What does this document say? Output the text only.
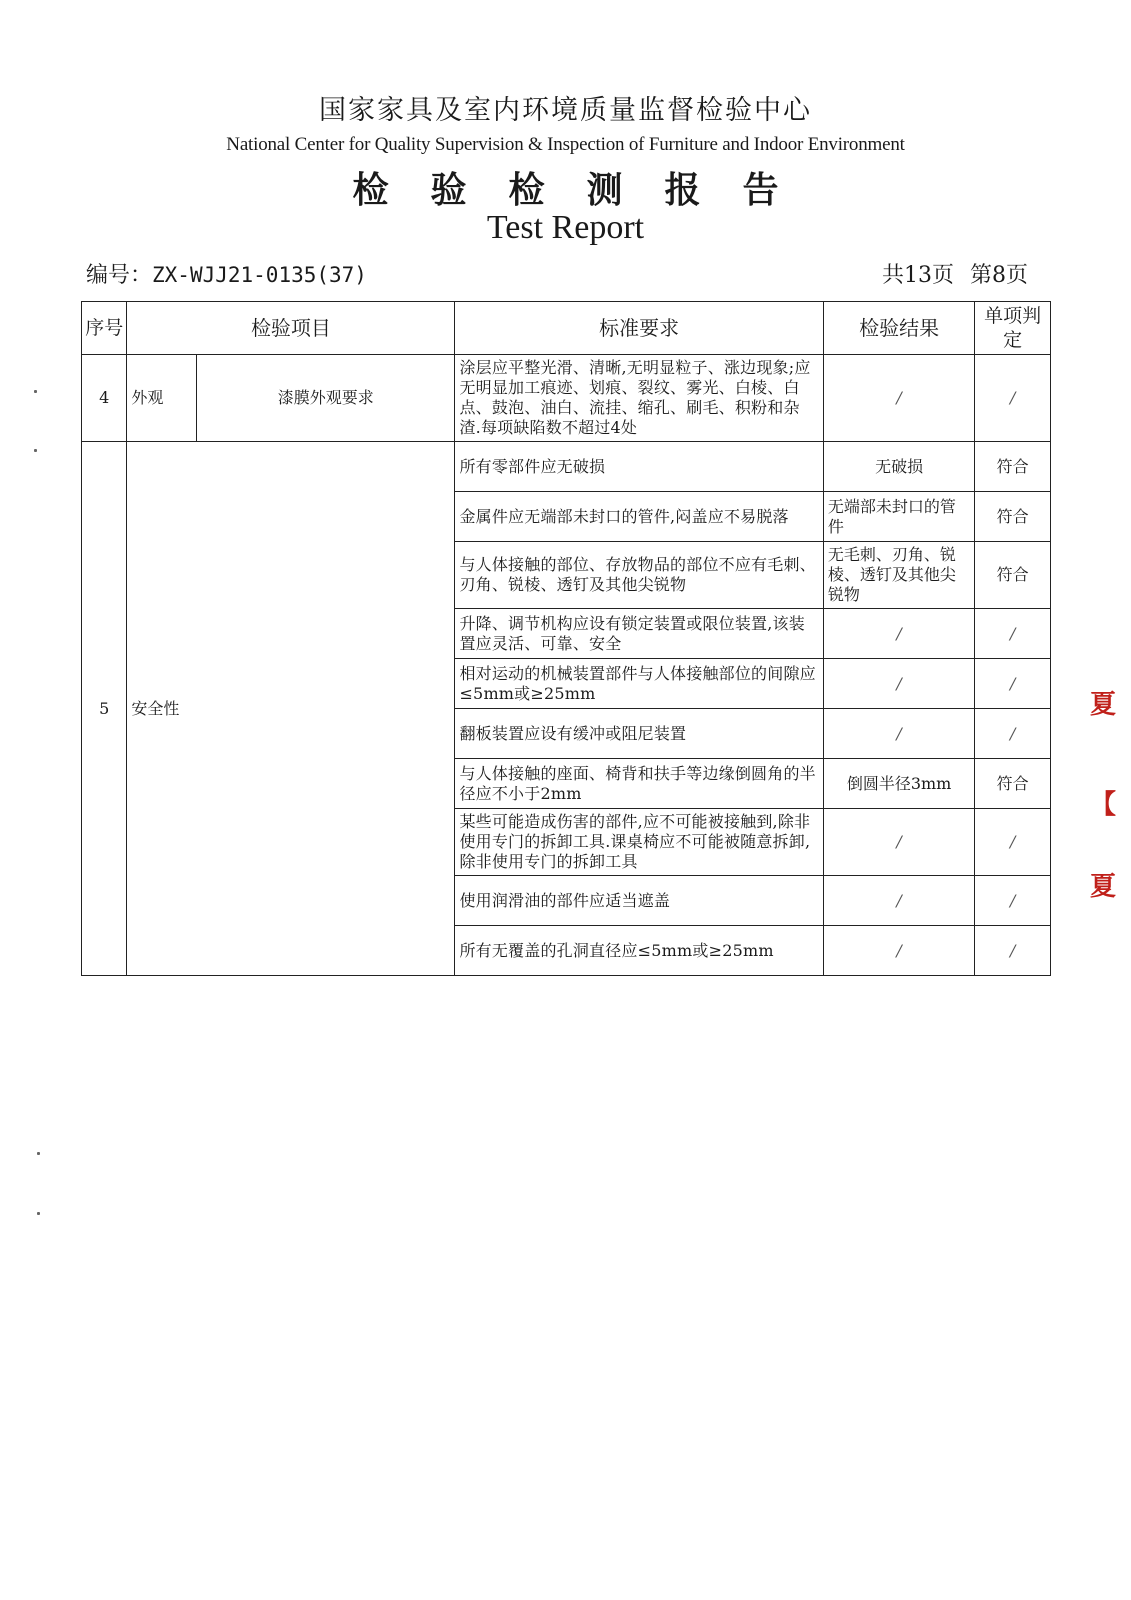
国家家具及室内环境质量监督检验中心
National Center for Quality Supervision & Inspection of Furniture and Indoor Environment
检验检测报告
Test Report
编号：ZX-WJJ21-0135(37)	共13页 第8页
序号	检验项目		标准要求	检验结果	单项判定
4	外观	漆膜外观要求	涂层应平整光滑、清晰,无明显粒子、涨边现象;应无明显加工痕迹、划痕、裂纹、雾光、白棱、白点、鼓泡、油白、流挂、缩孔、刷毛、积粉和杂渣.每项缺陷数不超过4处	/	/
5	安全性		所有零部件应无破损	无破损	符合
			金属件应无端部未封口的管件,闷盖应不易脱落	无端部未封口的管件	符合
			与人体接触的部位、存放物品的部位不应有毛刺、刃角、锐棱、透钉及其他尖锐物	无毛刺、刃角、锐棱、透钉及其他尖锐物	符合
			升降、调节机构应设有锁定装置或限位装置,该装置应灵活、可靠、安全	/	/
			相对运动的机械装置部件与人体接触部位的间隙应≤5mm或≥25mm	/	/
			翻板装置应设有缓冲或阻尼装置	/	/
			与人体接触的座面、椅背和扶手等边缘倒圆角的半径应不小于2mm	倒圆半径3mm	符合
			某些可能造成伤害的部件,应不可能被接触到,除非使用专门的拆卸工具.课桌椅应不可能被随意拆卸,除非使用专门的拆卸工具	/	/
			使用润滑油的部件应适当遮盖	/	/
			所有无覆盖的孔洞直径应≤5mm或≥25mm	/	/
夏
【
夏
